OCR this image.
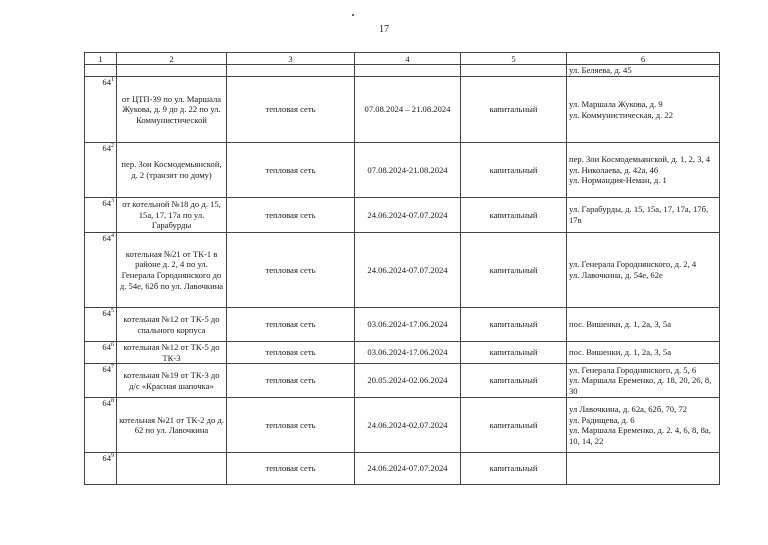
17
1	2	3	4	5	6
					ул. Беляева, д. 45
$64^1$	от ЦТП-39 по ул. Маршала Жукова, д. 9 до д. 22 по ул. Коммунистической	тепловая сеть	07.08.2024 – 21.08.2024	капитальный	ул. Маршала Жукова, д. 9
ул. Коммунистическая, д. 22

$64^2$	пер. Зои Космодемьянской, д. 2 (транзит по дому)	тепловая сеть	07.08.2024-21.08.2024	капитальный	пер. Зои Космодемьянской, д. 1, 2, 3, 4
ул. Николаева, д. 42а, 46
ул. Нормандия-Неман, д. 1

$64^3$	от котельной №18 до д. 15, 15а, 17, 17а по ул. Гарабурды	тепловая сеть	24.06.2024-07.07.2024	капитальный	ул. Гарабурды, д. 15, 15а, 17, 17а, 17б, 17в

$64^4$	котельная №21 от ТК-1 в районе д. 2, 4 по ул. Генерала Городнянского до д. 54е, 62б по ул. Лавочкина	тепловая сеть	24.06.2024-07.07.2024	капитальный	ул. Генерала Городнянского, д. 2, 4
ул. Лавочкина, д. 54е, 62е

$64^5$	котельная №12 от ТК-5 до спального корпуса	тепловая сеть	03.06.2024-17.06.2024	капитальный	пос. Вишенки, д. 1, 2а, 3, 5а

$64^6$	котельная №12 от ТК-5 до ТК-3	тепловая сеть	03.06.2024-17.06.2024	капитальный	пос. Вишенки, д. 1, 2а, 3, 5а

$64^7$	котельная №19 от ТК-3 до д/с «Красная шапочка»	тепловая сеть	20.05.2024-02.06.2024	капитальный	ул. Генерала Городнянского, д. 5, 6
ул. Маршала Еременко, д. 18, 20, 26, 8, 30

$64^8$	котельная №21 от ТК-2 до д. 62 по ул. Лавочкина	тепловая сеть	24.06.2024-02.07.2024	капитальный	ул Лавочкина, д. 62а, 62б, 70, 72
ул. Радищева, д. 6
ул. Маршала Еременко, д. 2. 4, 6, 8, 8а, 10, 14, 22

$64^9$		тепловая сеть	24.06.2024-07.07.2024	капитальный	
